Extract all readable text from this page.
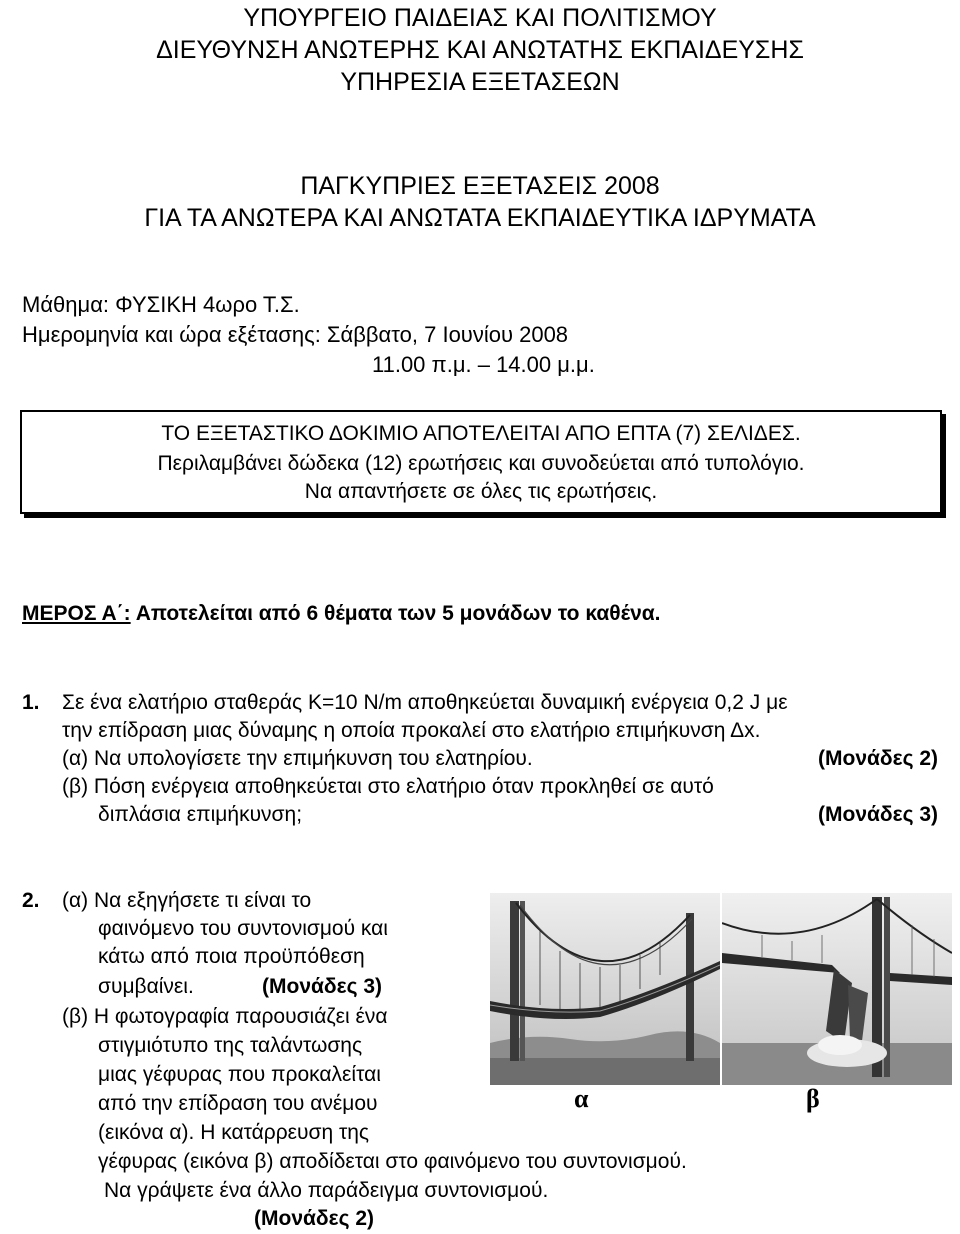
ΥΠΟΥΡΓΕΙΟ ΠΑΙΔΕΙΑΣ ΚΑΙ ΠΟΛΙΤΙΣΜΟΥ
ΔΙΕΥΘΥΝΣΗ ΑΝΩΤΕΡΗΣ ΚΑΙ ΑΝΩΤΑΤΗΣ ΕΚΠΑΙΔΕΥΣΗΣ
ΥΠΗΡΕΣΙΑ ΕΞΕΤΑΣΕΩΝ
ΠΑΓΚΥΠΡΙΕΣ ΕΞΕΤΑΣΕΙΣ 2008
ΓΙΑ ΤΑ ΑΝΩΤΕΡΑ ΚΑΙ ΑΝΩΤΑΤΑ ΕΚΠΑΙΔΕΥΤΙΚΑ ΙΔΡΥΜΑΤΑ
Μάθημα: ΦΥΣΙΚΗ 4ωρο Τ.Σ.
Ημερομηνία και ώρα εξέτασης: Σάββατο, 7 Ιουνίου 2008
11.00 π.μ. – 14.00 μ.μ.
ΤΟ ΕΞΕΤΑΣΤΙΚΟ ΔΟΚΙΜΙΟ ΑΠΟΤΕΛΕΙΤΑΙ ΑΠΟ ΕΠΤΑ (7) ΣΕΛΙΔΕΣ.
Περιλαμβάνει δώδεκα (12) ερωτήσεις και συνοδεύεται από τυπολόγιο.
Να απαντήσετε σε όλες τις ερωτήσεις.
ΜΕΡΟΣ Α΄: Αποτελείται από 6 θέματα των 5 μονάδων το καθένα.
1. Σε ένα ελατήριο σταθεράς K=10 N/m αποθηκεύεται δυναμική ενέργεια 0,2 J με
την επίδραση μιας δύναμης η οποία προκαλεί στο ελατήριο επιμήκυνση Δx.
(α) Να υπολογίσετε την επιμήκυνση του ελατηρίου.	(Μονάδες 2)
(β) Πόση ενέργεια αποθηκεύεται στο ελατήριο όταν προκληθεί σε αυτό
διπλάσια επιμήκυνση;	(Μονάδες 3)
2. (α) Να εξηγήσετε τι είναι το
φαινόμενο του συντονισμού και
κάτω από ποια προϋπόθεση
συμβαίνει.	(Μονάδες 3)
(β) Η φωτογραφία παρουσιάζει ένα
στιγμιότυπο της ταλάντωσης
μιας γέφυρας που προκαλείται
από την επίδραση του ανέμου
(εικόνα α). Η κατάρρευση της
γέφυρας (εικόνα β) αποδίδεται στο φαινόμενο του συντονισμού.
Να γράψετε ένα άλλο παράδειγμα συντονισμού.
(Μονάδες 2)
α	β
